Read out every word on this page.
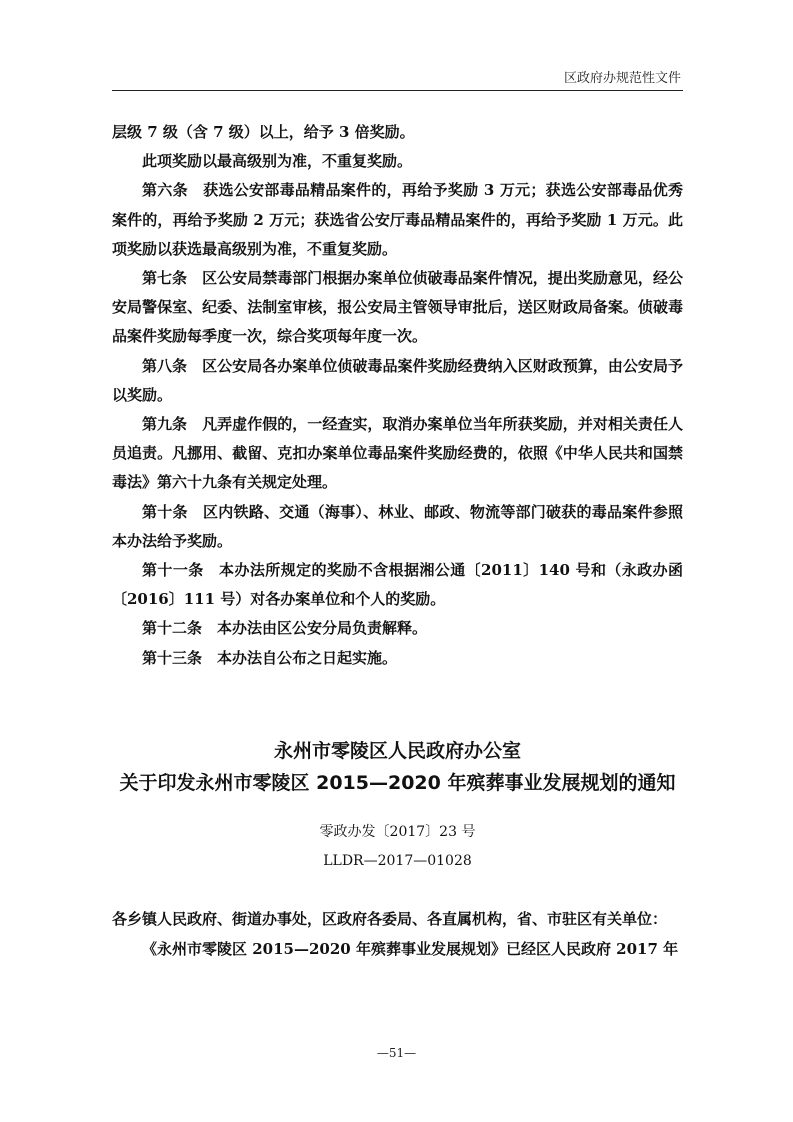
区政府办规范性文件

层级 7 级（含 7 级）以上，给予 3 倍奖励。

此项奖励以最高级别为准，不重复奖励。

第六条　获选公安部毒品精品案件的，再给予奖励 3 万元；获选公安部毒品优秀案件的，再给予奖励 2 万元；获选省公安厅毒品精品案件的，再给予奖励 1 万元。此项奖励以获选最高级别为准，不重复奖励。

第七条　区公安局禁毒部门根据办案单位侦破毒品案件情况，提出奖励意见，经公安局警保室、纪委、法制室审核，报公安局主管领导审批后，送区财政局备案。侦破毒品案件奖励每季度一次，综合奖项每年度一次。

第八条　区公安局各办案单位侦破毒品案件奖励经费纳入区财政预算，由公安局予以奖励。

第九条　凡弄虚作假的，一经查实，取消办案单位当年所获奖励，并对相关责任人员追责。凡挪用、截留、克扣办案单位毒品案件奖励经费的，依照《中华人民共和国禁毒法》第六十九条有关规定处理。

第十条　区内铁路、交通（海事）、林业、邮政、物流等部门破获的毒品案件参照本办法给予奖励。

第十一条　本办法所规定的奖励不含根据湘公通〔2011〕140 号和（永政办函〔2016〕111 号）对各办案单位和个人的奖励。

第十二条　本办法由区公安分局负责解释。

第十三条　本办法自公布之日起实施。

永州市零陵区人民政府办公室
关于印发永州市零陵区 2015—2020 年殡葬事业发展规划的通知
零政办发〔2017〕23 号
LLDR—2017—01028

各乡镇人民政府、街道办事处，区政府各委局、各直属机构，省、市驻区有关单位：

《永州市零陵区 2015—2020 年殡葬事业发展规划》已经区人民政府 2017 年

—51—
